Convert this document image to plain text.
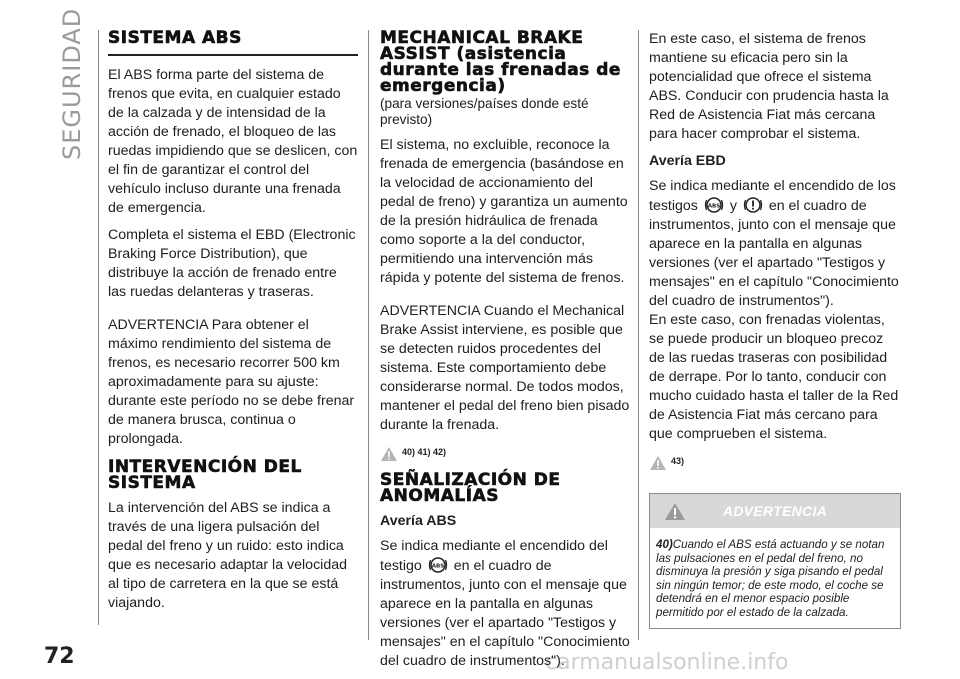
SEGURIDAD
72	carmanualsonline.info
SISTEMA ABS

El ABS forma parte del sistema de frenos que evita, en cualquier estado de la calzada y de intensidad de la acción de frenado, el bloqueo de las ruedas impidiendo que se deslicen, con el fin de garantizar el control del vehículo incluso durante una frenada de emergencia.

Completa el sistema el EBD (Electronic Braking Force Distribution), que distribuye la acción de frenado entre las ruedas delanteras y traseras.

ADVERTENCIA Para obtener el máximo rendimiento del sistema de frenos, es necesario recorrer 500 km aproximadamente para su ajuste: durante este período no se debe frenar de manera brusca, continua o prolongada.

INTERVENCIÓN DEL SISTEMA

La intervención del ABS se indica a través de una ligera pulsación del pedal del freno y un ruido: esto indica que es necesario adaptar la velocidad al tipo de carretera en la que se está viajando.

MECHANICAL BRAKE ASSIST (asistencia durante las frenadas de emergencia)

(para versiones/países donde esté previsto)

El sistema, no excluible, reconoce la frenada de emergencia (basándose en la velocidad de accionamiento del pedal de freno) y garantiza un aumento de la presión hidráulica de frenada como soporte a la del conductor, permitiendo una intervención más rápida y potente del sistema de frenos.

ADVERTENCIA Cuando el Mechanical Brake Assist interviene, es posible que se detecten ruidos procedentes del sistema. Este comportamiento debe considerarse normal. De todos modos, mantener el pedal del freno bien pisado durante la frenada.

40) 41) 42)
SEÑALIZACIÓN DE ANOMALÍAS

Avería ABS

Se indica mediante el encendido del testigo ABS en el cuadro de instrumentos, junto con el mensaje que aparece en la pantalla en algunas versiones (ver el apartado "Testigos y mensajes" en el capítulo "Conocimiento del cuadro de instrumentos").

En este caso, el sistema de frenos mantiene su eficacia pero sin la potencialidad que ofrece el sistema ABS. Conducir con prudencia hasta la Red de Asistencia Fiat más cercana para hacer comprobar el sistema.

Avería EBD

Se indica mediante el encendido de los testigos ABS y en el cuadro de instrumentos, junto con el mensaje que aparece en la pantalla en algunas versiones (ver el apartado "Testigos y mensajes" en el capítulo "Conocimiento del cuadro de instrumentos").

En este caso, con frenadas violentas, se puede producir un bloqueo precoz de las ruedas traseras con posibilidad de derrape. Por lo tanto, conducir con mucho cuidado hasta el taller de la Red de Asistencia Fiat más cercano para que comprueben el sistema.

43)
ADVERTENCIA
40)Cuando el ABS está actuando y se notan las pulsaciones en el pedal del freno, no disminuya la presión y siga pisando el pedal sin ningún temor; de este modo, el coche se detendrá en el menor espacio posible permitido por el estado de la calzada.
